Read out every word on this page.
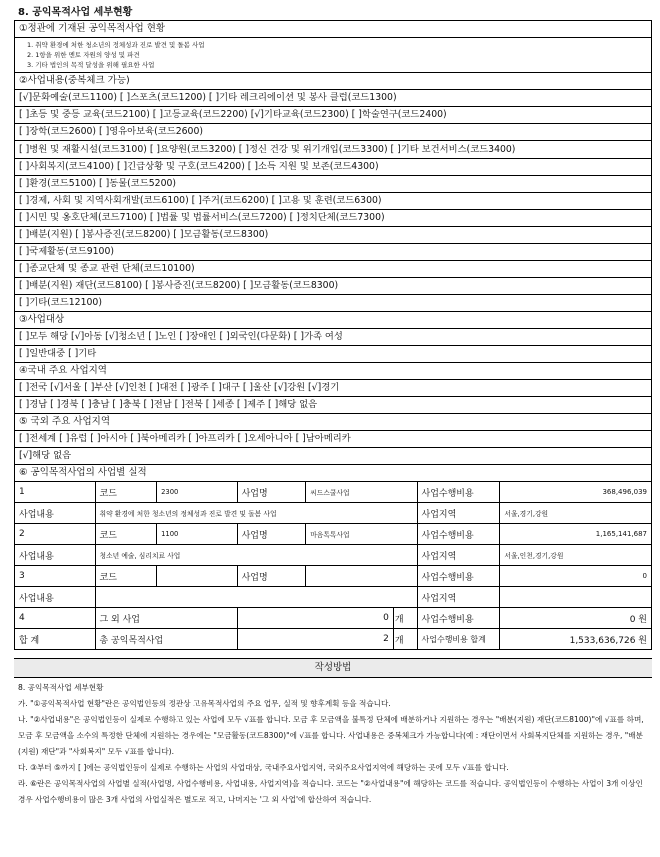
8. 공익목적사업 세부현황
①정관에 기재된 공익목적사업 현황
1. 취약 환경에 처한 청소년의 정체성과 진로 발견 및 돌봄 사업
2. 1항을 위한 멘토 자원의 양성 및 파견
3. 기타 법인의 목적 달성을 위해 필요한 사업
②사업내용(중복체크 가능)
[√]문화예술(코드1100) [ ]스포츠(코드1200) [ ]기타 레크리에이션 및 봉사 클럽(코드1300)
[ ]초등 및 중등 교육(코드2100) [ ]고등교육(코드2200) [√]기타교육(코드2300) [ ]학술연구(코드2400)
[ ]장학(코드2600) [ ]영유아보육(코드2600)
[ ]병원 및 재활시설(코드3100) [ ]요양원(코드3200) [ ]정신 건강 및 위기개입(코드3300) [ ]기타 보건서비스(코드3400)
[ ]사회복지(코드4100) [ ]긴급상황 및 구호(코드4200) [ ]소득 지원 및 보존(코드4300)
[ ]환경(코드5100) [ ]동물(코드5200)
[ ]경제, 사회 및 지역사회개발(코드6100) [ ]주거(코드6200) [ ]고용 및 훈련(코드6300)
[ ]시민 및 옹호단체(코드7100) [ ]법률 및 법률서비스(코드7200) [ ]정치단체(코드7300)
[ ]배분(지원) [ ]봉사증진(코드8200) [ ]모금활동(코드8300)
[ ]국제활동(코드9100)
[ ]종교단체 및 종교 관련 단체(코드10100)
[ ]배분(지원) 재단(코드8100) [ ]봉사증진(코드8200) [ ]모금활동(코드8300)
[ ]기타(코드12100)
③사업대상
[ ]모두 해당 [√]아동 [√]청소년 [ ]노인 [ ]장애인 [ ]외국인(다문화) [ ]가족 여성
[ ]일반대중 [ ]기타
④국내 주요 사업지역
[ ]전국 [√]서울 [ ]부산 [√]인천 [ ]대전 [ ]광주 [ ]대구 [ ]울산 [√]강원 [√]경기
[ ]경남 [ ]경북 [ ]충남 [ ]충북 [ ]전남 [ ]전북 [ ]세종 [ ]제주 [ ]해당 없음
⑤ 국외 주요 사업지역
[ ]전세계 [ ]유럽 [ ]아시아 [ ]북아메리카 [ ]아프리카 [ ]오세아니아 [ ]남아메리카
[√]해당 없음
⑥ 공익목적사업의 사업별 실적
1	코드	2300	사업명	씨드스쿨사업		사업수행비용	368,496,039
사업내용	취약 환경에 처한 청소년의 정체성과 진로 발견 및 돌봄 사업					사업지역	서울,경기,강원
2	코드	1100	사업명	마음톡톡사업		사업수행비용	1,165,141,687
사업내용	청소년 예술, 심리치료 사업					사업지역	서울,인천,경기,강원
3	코드		사업명			사업수행비용	0
사업내용						사업지역	
4	그 외 사업		0		개	사업수행비용	0 원
합 계	총 공익목적사업		2		개	사업수행비용 합계	1,533,636,726 원
작성방법

8. 공익목적사업 세부현황

가. "①공익목적사업 현황"란은 공익법인등의 정관상 고유목적사업의 주요 업무, 실적 및 향후계획 등을 적습니다.

나. "②사업내용"은 공익법인등이 실제로 수행하고 있는 사업에 모두 √표를 합니다. 모금 후 모금액을 불특정 단체에 배분하거나 지원하는 경우는 "배분(지원) 재단(코드8100)"에 √표를 하며, 모금 후 모금액을 소수의 특정한 단체에 지원하는 경우에는 "모금활동(코드8300)"에 √표를 합니다. 사업내용은 중복체크가 가능합니다(예 : 재단이면서 사회복지단체를 지원하는 경우, "배분(지원) 재단"과 "사회복지" 모두 √표를 합니다).

다. ③부터 ⑤까지 [ ]에는 공익법인등이 실제로 수행하는 사업의 사업대상, 국내주요사업지역, 국외주요사업지역에 해당하는 곳에 모두 √표를 합니다.

라. ⑥란은 공익목적사업의 사업별 실적(사업명, 사업수행비용, 사업내용, 사업지역)을 적습니다. 코드는 "②사업내용"에 해당하는 코드를 적습니다. 공익법인등이 수행하는 사업이 3개 이상인 경우 사업수행비용이 많은 3개 사업의 사업실적은 별도로 적고, 나머지는 '그 외 사업'에 합산하여 적습니다.
